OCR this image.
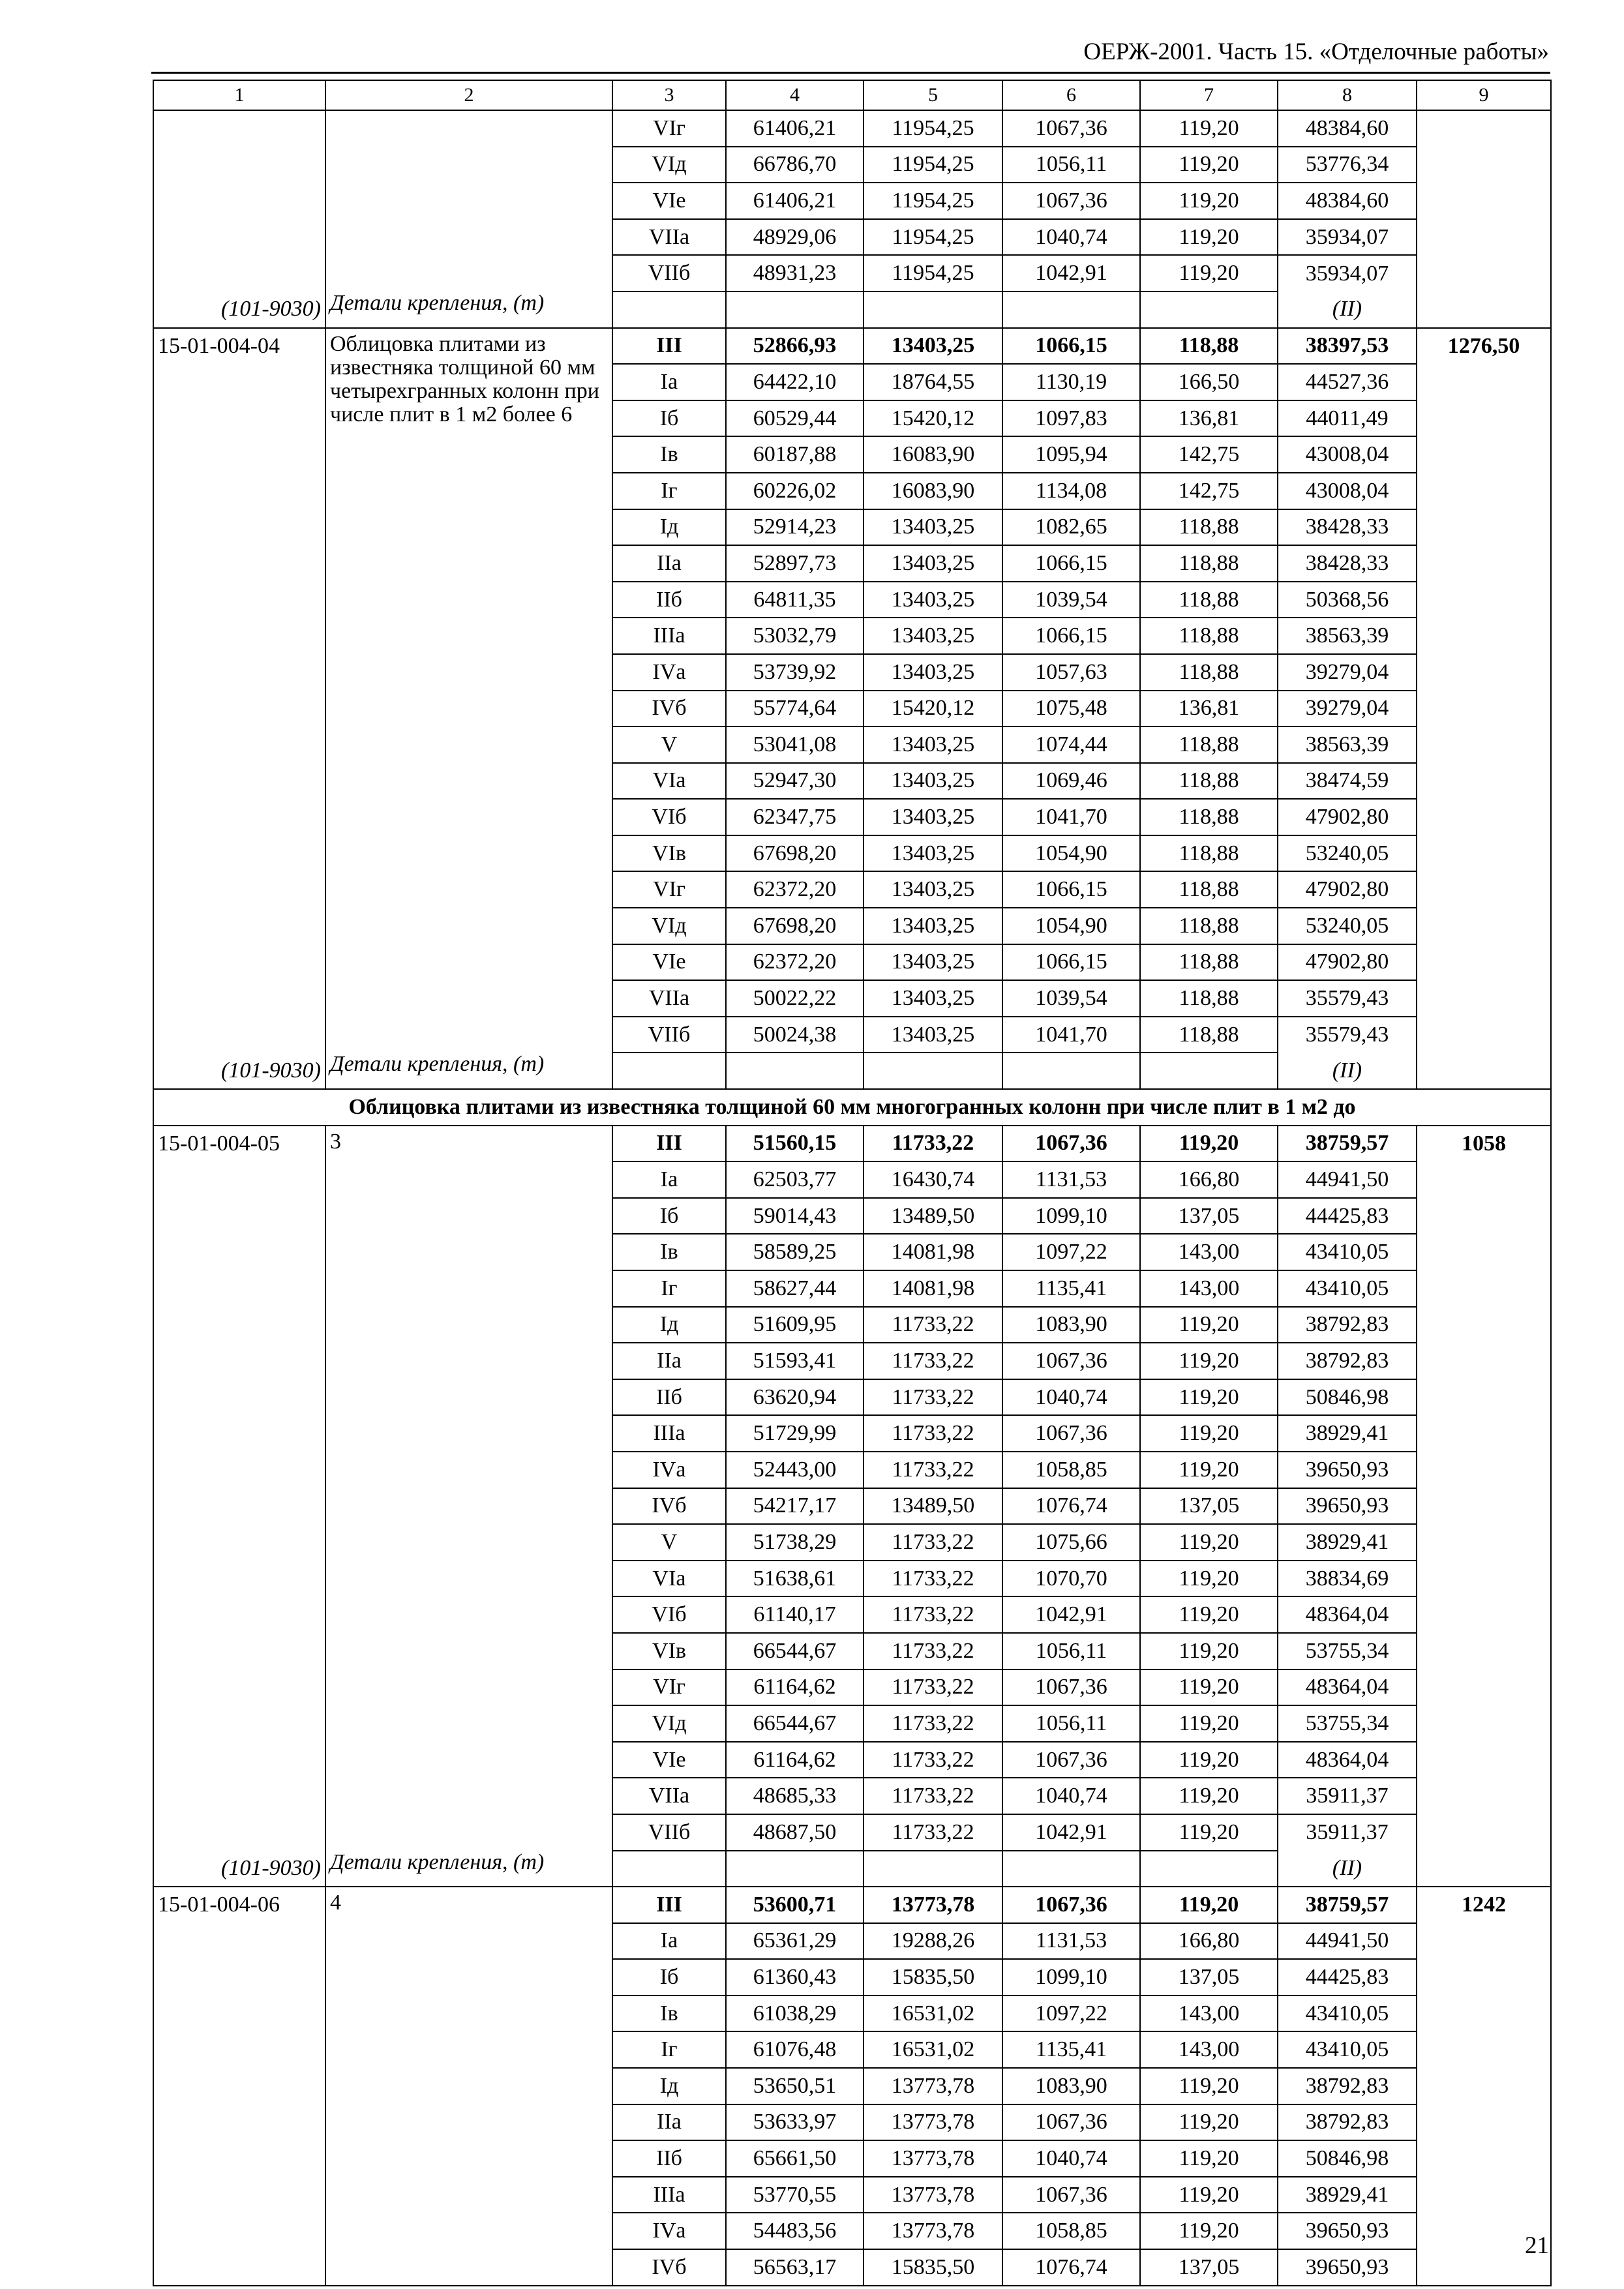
ОЕРЖ-2001. Часть 15. «Отделочные работы»
1	2	3	4	5	6	7	8	9
		VIг	61406,21	11954,25	1067,36	119,20	48384,60	
		VIд	66786,70	11954,25	1056,11	119,20	53776,34	
		VIе	61406,21	11954,25	1067,36	119,20	48384,60	
		VIIа	48929,06	11954,25	1040,74	119,20	35934,07	
		VIIб	48931,23	11954,25	1042,91	119,20	35934,07	
(101-9030)	Детали крепления, (т)						(II)	
15-01-004-04	Облицовка плитами из известняка толщиной 60 мм четырехгранных колонн при числе плит в 1 м2 более 6	III	52866,93	13403,25	1066,15	118,88	38397,53	1276,50
		Iа	64422,10	18764,55	1130,19	166,50	44527,36	
		Iб	60529,44	15420,12	1097,83	136,81	44011,49	
		Iв	60187,88	16083,90	1095,94	142,75	43008,04	
		Iг	60226,02	16083,90	1134,08	142,75	43008,04	
		Iд	52914,23	13403,25	1082,65	118,88	38428,33	
		IIа	52897,73	13403,25	1066,15	118,88	38428,33	
		IIб	64811,35	13403,25	1039,54	118,88	50368,56	
		IIIа	53032,79	13403,25	1066,15	118,88	38563,39	
		IVа	53739,92	13403,25	1057,63	118,88	39279,04	
		IVб	55774,64	15420,12	1075,48	136,81	39279,04	
		V	53041,08	13403,25	1074,44	118,88	38563,39	
		VIа	52947,30	13403,25	1069,46	118,88	38474,59	
		VIб	62347,75	13403,25	1041,70	118,88	47902,80	
		VIв	67698,20	13403,25	1054,90	118,88	53240,05	
		VIг	62372,20	13403,25	1066,15	118,88	47902,80	
		VIд	67698,20	13403,25	1054,90	118,88	53240,05	
		VIе	62372,20	13403,25	1066,15	118,88	47902,80	
		VIIа	50022,22	13403,25	1039,54	118,88	35579,43	
		VIIб	50024,38	13403,25	1041,70	118,88	35579,43	
(101-9030)	Детали крепления, (т)						(II)	
Облицовка плитами из известняка толщиной 60 мм многогранных колонн при числе плит в 1 м2 до								
15-01-004-05	3	III	51560,15	11733,22	1067,36	119,20	38759,57	1058
		Iа	62503,77	16430,74	1131,53	166,80	44941,50	
		Iб	59014,43	13489,50	1099,10	137,05	44425,83	
		Iв	58589,25	14081,98	1097,22	143,00	43410,05	
		Iг	58627,44	14081,98	1135,41	143,00	43410,05	
		Iд	51609,95	11733,22	1083,90	119,20	38792,83	
		IIа	51593,41	11733,22	1067,36	119,20	38792,83	
		IIб	63620,94	11733,22	1040,74	119,20	50846,98	
		IIIа	51729,99	11733,22	1067,36	119,20	38929,41	
		IVа	52443,00	11733,22	1058,85	119,20	39650,93	
		IVб	54217,17	13489,50	1076,74	137,05	39650,93	
		V	51738,29	11733,22	1075,66	119,20	38929,41	
		VIа	51638,61	11733,22	1070,70	119,20	38834,69	
		VIб	61140,17	11733,22	1042,91	119,20	48364,04	
		VIв	66544,67	11733,22	1056,11	119,20	53755,34	
		VIг	61164,62	11733,22	1067,36	119,20	48364,04	
		VIд	66544,67	11733,22	1056,11	119,20	53755,34	
		VIе	61164,62	11733,22	1067,36	119,20	48364,04	
		VIIа	48685,33	11733,22	1040,74	119,20	35911,37	
		VIIб	48687,50	11733,22	1042,91	119,20	35911,37	
(101-9030)	Детали крепления, (т)						(II)	
15-01-004-06	4	III	53600,71	13773,78	1067,36	119,20	38759,57	1242
		Iа	65361,29	19288,26	1131,53	166,80	44941,50	
		Iб	61360,43	15835,50	1099,10	137,05	44425,83	
		Iв	61038,29	16531,02	1097,22	143,00	43410,05	
		Iг	61076,48	16531,02	1135,41	143,00	43410,05	
		Iд	53650,51	13773,78	1083,90	119,20	38792,83	
		IIа	53633,97	13773,78	1067,36	119,20	38792,83	
		IIб	65661,50	13773,78	1040,74	119,20	50846,98	
		IIIа	53770,55	13773,78	1067,36	119,20	38929,41	
		IVа	54483,56	13773,78	1058,85	119,20	39650,93	
		IVб	56563,17	15835,50	1076,74	137,05	39650,93	
21
